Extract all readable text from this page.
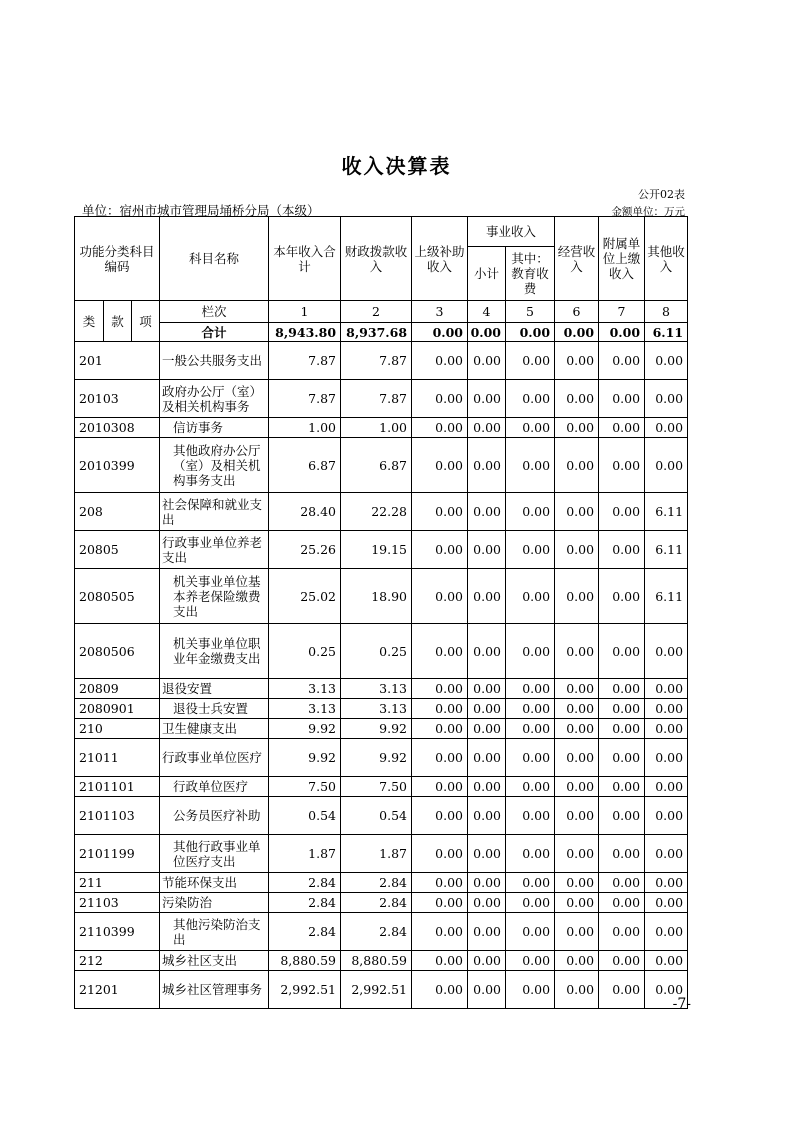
收入决算表
公开02表
单位：宿州市城市管理局埇桥分局（本级）	金额单位：万元
功能分类科目编码			科目名称	本年收入合计	财政拨款收入	上级补助收入	事业收入		经营收入	附属单位上缴收入	其他收入
							小计	其中：教育收费			
类	款	项	栏次	1	2	3	4	5	6	7	8
			合计	8,943.80	8,937.68	0.00	0.00	0.00	0.00	0.00	6.11
201			一般公共服务支出	7.87	7.87	0.00	0.00	0.00	0.00	0.00	0.00
20103			政府办公厅（室）及相关机构事务	7.87	7.87	0.00	0.00	0.00	0.00	0.00	0.00
2010308			信访事务	1.00	1.00	0.00	0.00	0.00	0.00	0.00	0.00
2010399			其他政府办公厅（室）及相关机构事务支出	6.87	6.87	0.00	0.00	0.00	0.00	0.00	0.00
208			社会保障和就业支出	28.40	22.28	0.00	0.00	0.00	0.00	0.00	6.11
20805			行政事业单位养老支出	25.26	19.15	0.00	0.00	0.00	0.00	0.00	6.11
2080505			机关事业单位基本养老保险缴费支出	25.02	18.90	0.00	0.00	0.00	0.00	0.00	6.11
2080506			机关事业单位职业年金缴费支出	0.25	0.25	0.00	0.00	0.00	0.00	0.00	0.00
20809			退役安置	3.13	3.13	0.00	0.00	0.00	0.00	0.00	0.00
2080901			退役士兵安置	3.13	3.13	0.00	0.00	0.00	0.00	0.00	0.00
210			卫生健康支出	9.92	9.92	0.00	0.00	0.00	0.00	0.00	0.00
21011			行政事业单位医疗	9.92	9.92	0.00	0.00	0.00	0.00	0.00	0.00
2101101			行政单位医疗	7.50	7.50	0.00	0.00	0.00	0.00	0.00	0.00
2101103			公务员医疗补助	0.54	0.54	0.00	0.00	0.00	0.00	0.00	0.00
2101199			其他行政事业单位医疗支出	1.87	1.87	0.00	0.00	0.00	0.00	0.00	0.00
211			节能环保支出	2.84	2.84	0.00	0.00	0.00	0.00	0.00	0.00
21103			污染防治	2.84	2.84	0.00	0.00	0.00	0.00	0.00	0.00
2110399			其他污染防治支出	2.84	2.84	0.00	0.00	0.00	0.00	0.00	0.00
212			城乡社区支出	8,880.59	8,880.59	0.00	0.00	0.00	0.00	0.00	0.00
21201			城乡社区管理事务	2,992.51	2,992.51	0.00	0.00	0.00	0.00	0.00	0.00
-7-
